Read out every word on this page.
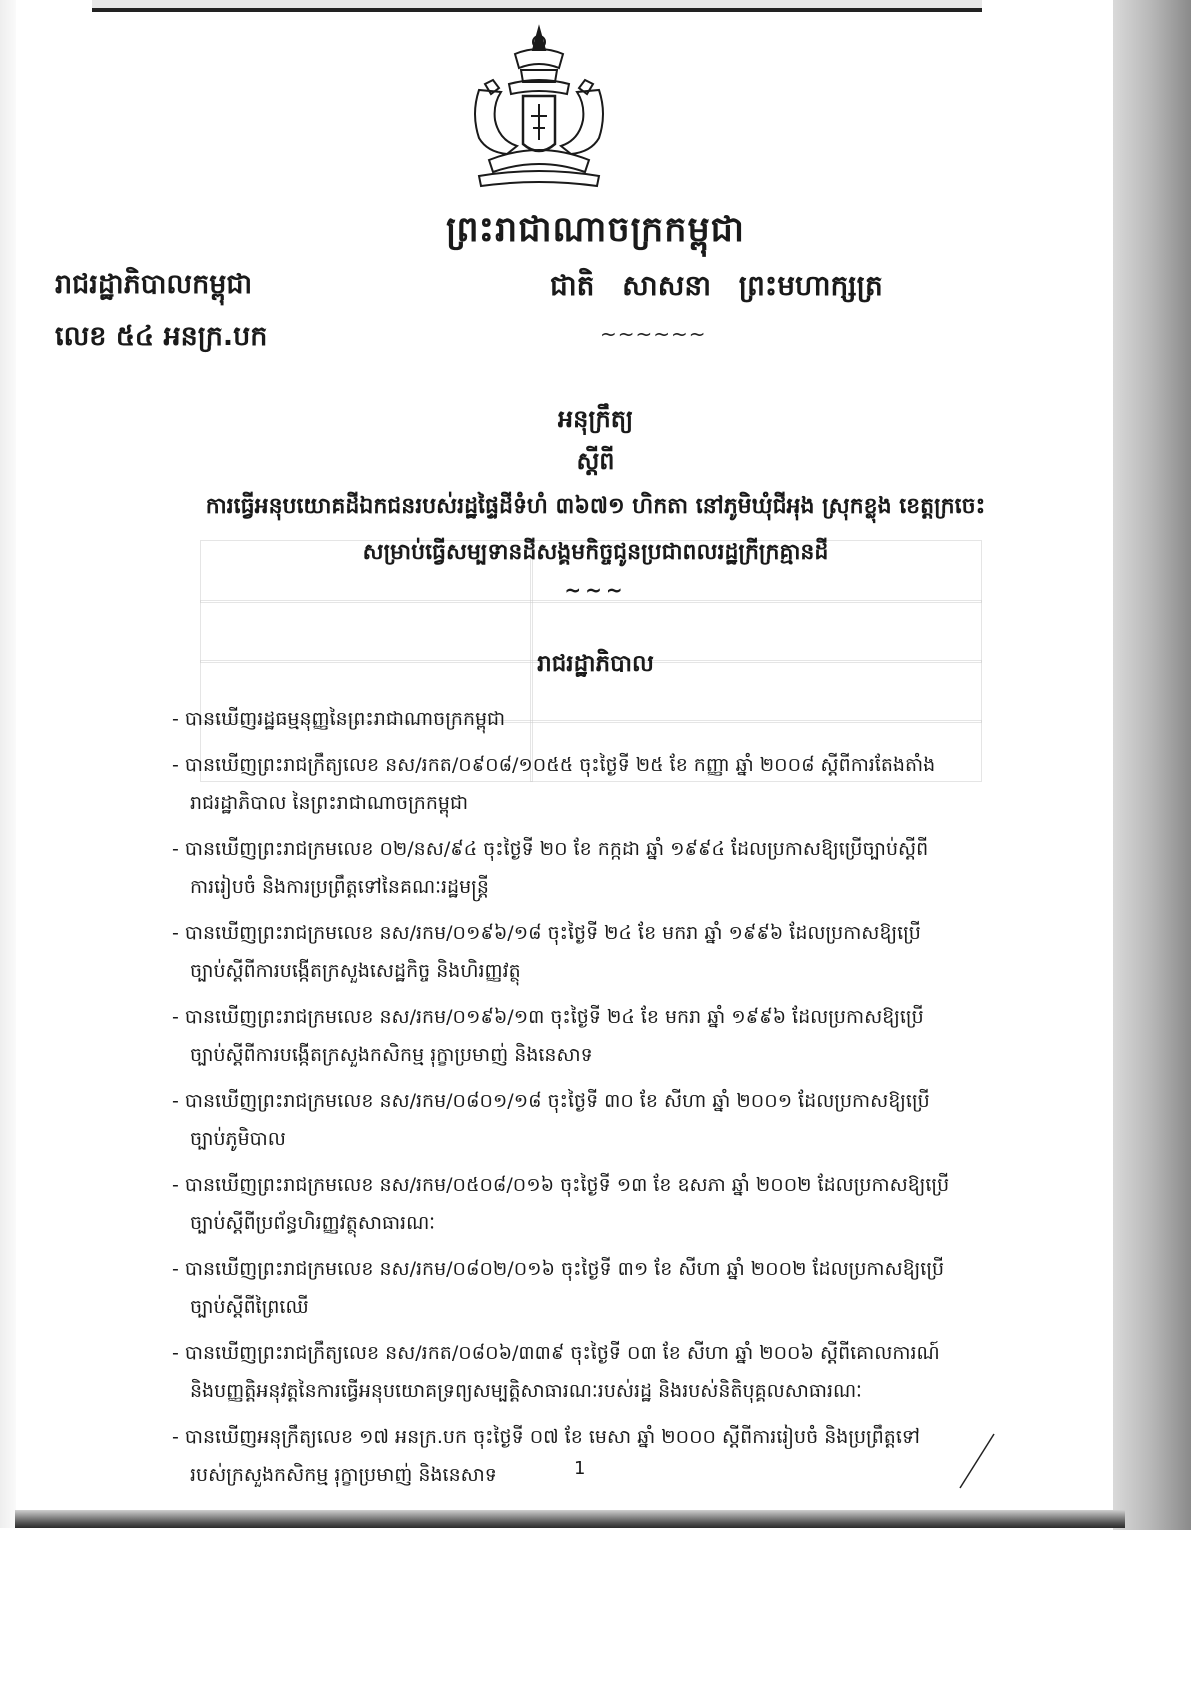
ព្រះរាជាណាចក្រកម្ពុជា
រាជរដ្ឋាភិបាលកម្ពុជា
លេខ ៥៤ អនក្រ.បក
ជាតិ សាសនា ព្រះមហាក្សត្រ
~~~~~~
អនុក្រឹត្យ
ស្តីពី
ការធ្វើអនុបយោគដីឯកជនរបស់រដ្ឋផ្ទៃដីទំហំ ៣៦៧១ ហិកតា នៅភូមិឃុំជីអុង ស្រុកខ្លុង ខេត្តក្រចេះ
សម្រាប់ធ្វើសម្បទានដីសង្គមកិច្ចជូនប្រជាពលរដ្ឋក្រីក្រគ្មានដី
~~~
រាជរដ្ឋាភិបាល
- បានឃើញរដ្ឋធម្មនុញ្ញនៃព្រះរាជាណាចក្រកម្ពុជា
- បានឃើញព្រះរាជក្រឹត្យលេខ នស/រកត/០៩០៨/១០៥៥ ចុះថ្ងៃទី ២៥ ខែ កញ្ញា ឆ្នាំ ២០០៨ ស្តីពីការតែងតាំង
រាជរដ្ឋាភិបាល នៃព្រះរាជាណាចក្រកម្ពុជា
- បានឃើញព្រះរាជក្រមលេខ ០២/នស/៩៤ ចុះថ្ងៃទី ២០ ខែ កក្កដា ឆ្នាំ ១៩៩៤ ដែលប្រកាសឱ្យប្រើច្បាប់ស្តីពី
ការរៀបចំ និងការប្រព្រឹត្តទៅនៃគណៈរដ្ឋមន្ត្រី
- បានឃើញព្រះរាជក្រមលេខ នស/រកម/០១៩៦/១៨ ចុះថ្ងៃទី ២៤ ខែ មករា ឆ្នាំ ១៩៩៦ ដែលប្រកាសឱ្យប្រើ
ច្បាប់ស្តីពីការបង្កើតក្រសួងសេដ្ឋកិច្ច និងហិរញ្ញវត្ថុ
- បានឃើញព្រះរាជក្រមលេខ នស/រកម/០១៩៦/១៣ ចុះថ្ងៃទី ២៤ ខែ មករា ឆ្នាំ ១៩៩៦ ដែលប្រកាសឱ្យប្រើ
ច្បាប់ស្តីពីការបង្កើតក្រសួងកសិកម្ម រុក្ខាប្រមាញ់ និងនេសាទ
- បានឃើញព្រះរាជក្រមលេខ នស/រកម/០៨០១/១៨ ចុះថ្ងៃទី ៣០ ខែ សីហា ឆ្នាំ ២០០១ ដែលប្រកាសឱ្យប្រើ
ច្បាប់ភូមិបាល
- បានឃើញព្រះរាជក្រមលេខ នស/រកម/០៥០៨/០១៦ ចុះថ្ងៃទី ១៣ ខែ ឧសភា ឆ្នាំ ២០០២ ដែលប្រកាសឱ្យប្រើ
ច្បាប់ស្តីពីប្រព័ន្ធហិរញ្ញវត្ថុសាធារណៈ
- បានឃើញព្រះរាជក្រមលេខ នស/រកម/០៨០២/០១៦ ចុះថ្ងៃទី ៣១ ខែ សីហា ឆ្នាំ ២០០២ ដែលប្រកាសឱ្យប្រើ
ច្បាប់ស្តីពីព្រៃឈើ
- បានឃើញព្រះរាជក្រឹត្យលេខ នស/រកត/០៨០៦/៣៣៩ ចុះថ្ងៃទី ០៣ ខែ សីហា ឆ្នាំ ២០០៦ ស្តីពីគោលការណ៍
និងបញ្ញត្តិអនុវត្តនៃការធ្វើអនុបយោគទ្រព្យសម្បត្តិសាធារណៈរបស់រដ្ឋ និងរបស់និតិបុគ្គលសាធារណៈ
- បានឃើញអនុក្រឹត្យលេខ ១៧ អនក្រ.បក ចុះថ្ងៃទី ០៧ ខែ មេសា ឆ្នាំ ២០០០ ស្តីពីការរៀបចំ និងប្រព្រឹត្តទៅ
របស់ក្រសួងកសិកម្ម រុក្ខាប្រមាញ់ និងនេសាទ	1
